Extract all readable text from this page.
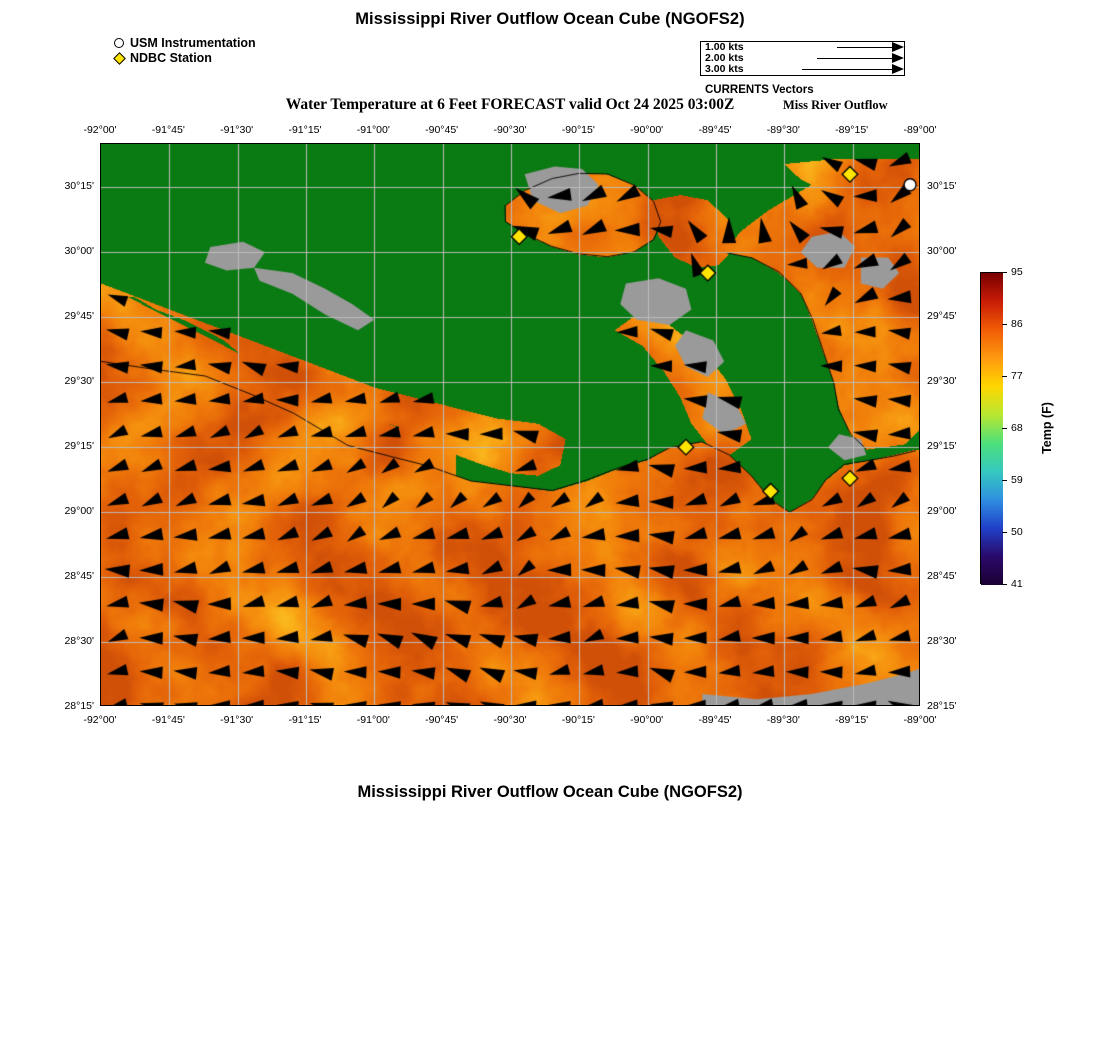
Mississippi River Outflow Ocean Cube (NGOFS2)
USM Instrumentation
NDBC Station
1.00 kts
2.00 kts
3.00 kts
CURRENTS Vectors
Miss River Outflow
Water Temperature at 6 Feet FORECAST valid Oct 24 2025 03:00Z
-92°00'
-92°00'
-91°45'
-91°45'
-91°30'
-91°30'
-91°15'
-91°15'
-91°00'
-91°00'
-90°45'
-90°45'
-90°30'
-90°30'
-90°15'
-90°15'
-90°00'
-90°00'
-89°45'
-89°45'
-89°30'
-89°30'
-89°15'
-89°15'
-89°00'
-89°00'
30°15'	30°15'
30°00'	30°00'
29°45'	29°45'
29°30'	29°30'
29°15'	29°15'
29°00'	29°00'
28°45'	28°45'
28°30'	28°30'
28°15'	28°15'
95
86
77
68
59
50
41
Temp (F)
Mississippi River Outflow Ocean Cube (NGOFS2)
